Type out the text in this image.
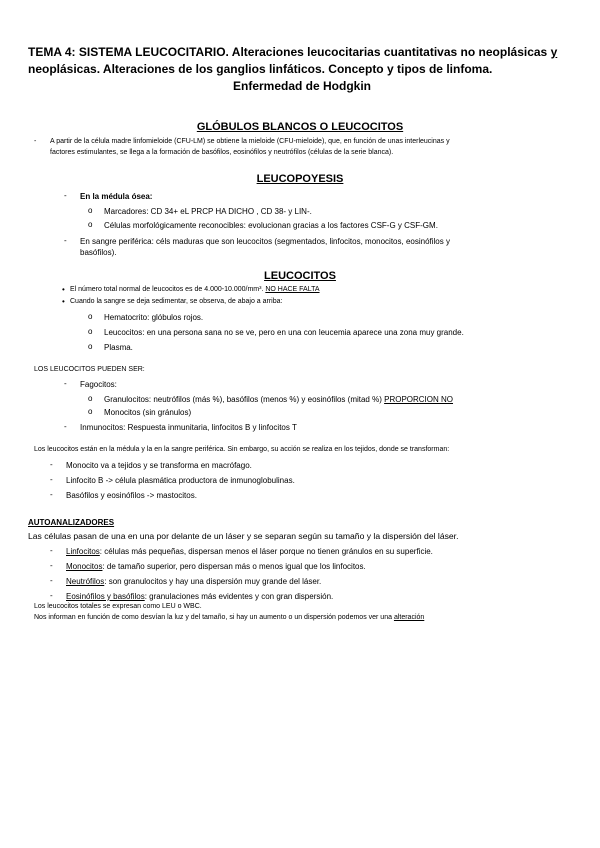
TEMA 4: SISTEMA LEUCOCITARIO. Alteraciones leucocitarias cuantitativas no neoplásicas y
neoplásicas. Alteraciones de los ganglios linfáticos. Concepto y tipos de linfoma.
Enfermedad de Hodgkin
GLÓBULOS BLANCOS O LEUCOCITOS
- A partir de la célula madre linfomieloide (CFU-LM) se obtiene la mieloide (CFU-mieloide), que, en función de unas interleucinas y
factores estimulantes, se llega a la formación de basófilos, eosinófilos y neutrófilos (células de la serie blanca).
LEUCOPOYESIS
- En la médula ósea:
o Marcadores: CD 34+ eL PRCP HA DICHO , CD 38- y LIN-.
o Células morfológicamente reconocibles: evolucionan gracias a los factores CSF-G y CSF-GM.
- En sangre periférica: céls maduras que son leucocitos (segmentados, linfocitos, monocitos, eosinófilos y
basófilos).
LEUCOCITOS
• El número total normal de leucocitos es de 4.000-10.000/mm³. NO HACE FALTA
• Cuando la sangre se deja sedimentar, se observa, de abajo a arriba:
o Hematocrito: glóbulos rojos.
o Leucocitos: en una persona sana no se ve, pero en una con leucemia aparece una zona muy grande.
o Plasma.
LOS LEUCOCITOS PUEDEN SER:
- Fagocitos:
o Granulocitos: neutrófilos (más %), basófilos (menos %) y eosinófilos (mitad %) PROPORCION NO
o Monocitos (sin gránulos)
- Inmunocitos: Respuesta inmunitaria, linfocitos B y linfocitos T
Los leucocitos están en la médula y la en la sangre periférica. Sin embargo, su acción se realiza en los tejidos, donde se transforman:
- Monocito va a tejidos y se transforma en macrófago.
- Linfocito B -> célula plasmática productora de inmunoglobulinas.
- Basófilos y eosinófilos -> mastocitos.
AUTOANALIZADORES
Las células pasan de una en una por delante de un láser y se separan según su tamaño y la dispersión del láser.
- Linfocitos: células más pequeñas, dispersan menos el láser porque no tienen gránulos en su superficie.
- Monocitos: de tamaño superior, pero dispersan más o menos igual que los linfocitos.
- Neutrófilos: son granulocitos y hay una dispersión muy grande del láser.
- Eosinófilos y basófilos: granulaciones más evidentes y con gran dispersión.
Los leucocitos totales se expresan como LEU o WBC.
Nos informan en función de como desvían la luz y del tamaño, si hay un aumento o un dispersión podemos ver una alteración
